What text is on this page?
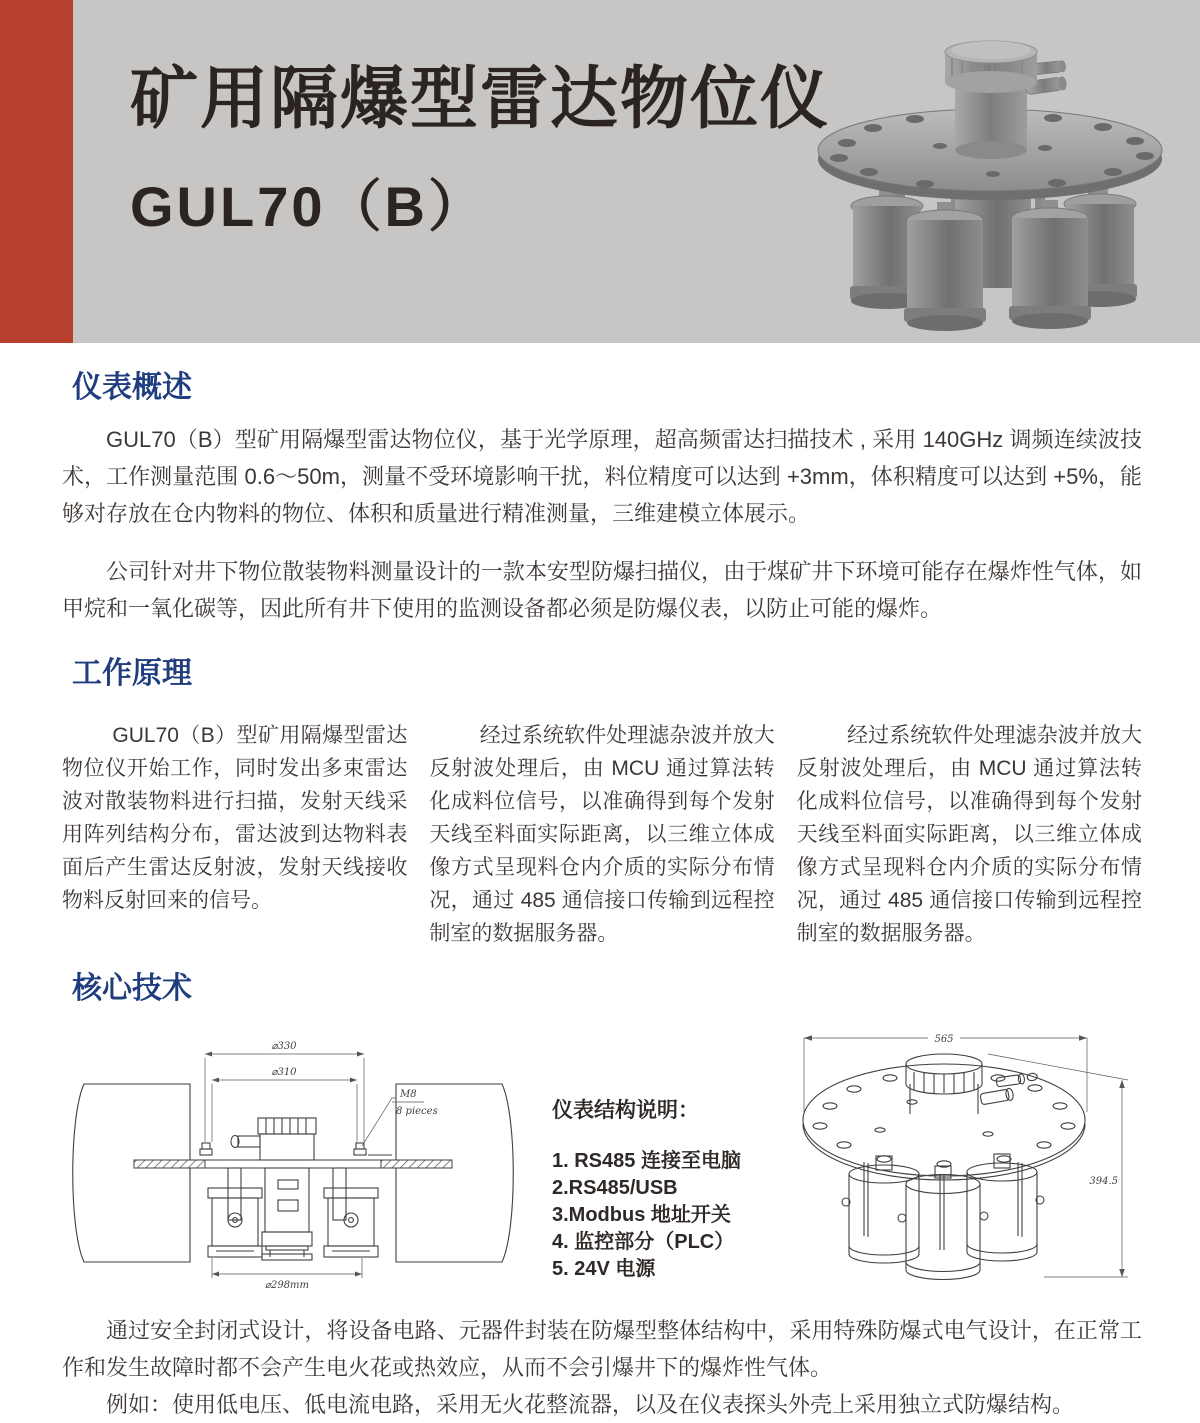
矿用隔爆型雷达物位仪
GUL70（B）
仪表概述

GUL70（B）型矿用隔爆型雷达物位仪，基于光学原理，超高频雷达扫描技术 , 采用 140GHz 调频连续波技术，工作测量范围 0.6～50m，测量不受环境影响干扰，料位精度可以达到 +3mm，体积精度可以达到 +5%，能够对存放在仓内物料的物位、体积和质量进行精准测量，三维建模立体展示。

公司针对井下物位散装物料测量设计的一款本安型防爆扫描仪，由于煤矿井下环境可能存在爆炸性气体，如甲烷和一氧化碳等，因此所有井下使用的监测设备都必须是防爆仪表，以防止可能的爆炸。

工作原理

GUL70（B）型矿用隔爆型雷达物位仪开始工作，同时发出多束雷达波对散装物料进行扫描，发射天线采用阵列结构分布，雷达波到达物料表面后产生雷达反射波，发射天线接收物料反射回来的信号。

经过系统软件处理滤杂波并放大反射波处理后，由 MCU 通过算法转化成料位信号，以准确得到每个发射天线至料面实际距离，以三维立体成像方式呈现料仓内介质的实际分布情况，通过 485 通信接口传输到远程控制室的数据服务器。

经过系统软件处理滤杂波并放大反射波处理后，由 MCU 通过算法转化成料位信号，以准确得到每个发射天线至料面实际距离，以三维立体成像方式呈现料仓内介质的实际分布情况，通过 485 通信接口传输到远程控制室的数据服务器。

核心技术
⌀330
⌀310
M8
8 pieces
⌀298mm
仪表结构说明：
1. RS485 连接至电脑
2.RS485/USB
3.Modbus 地址开关
4. 监控部分（PLC）
5. 24V 电源
565
394.5

通过安全封闭式设计，将设备电路、元器件封装在防爆型整体结构中，采用特殊防爆式电气设计，在正常工作和发生故障时都不会产生电火花或热效应，从而不会引爆井下的爆炸性气体。

例如：使用低电压、低电流电路，采用无火花整流器，以及在仪表探头外壳上采用独立式防爆结构。
